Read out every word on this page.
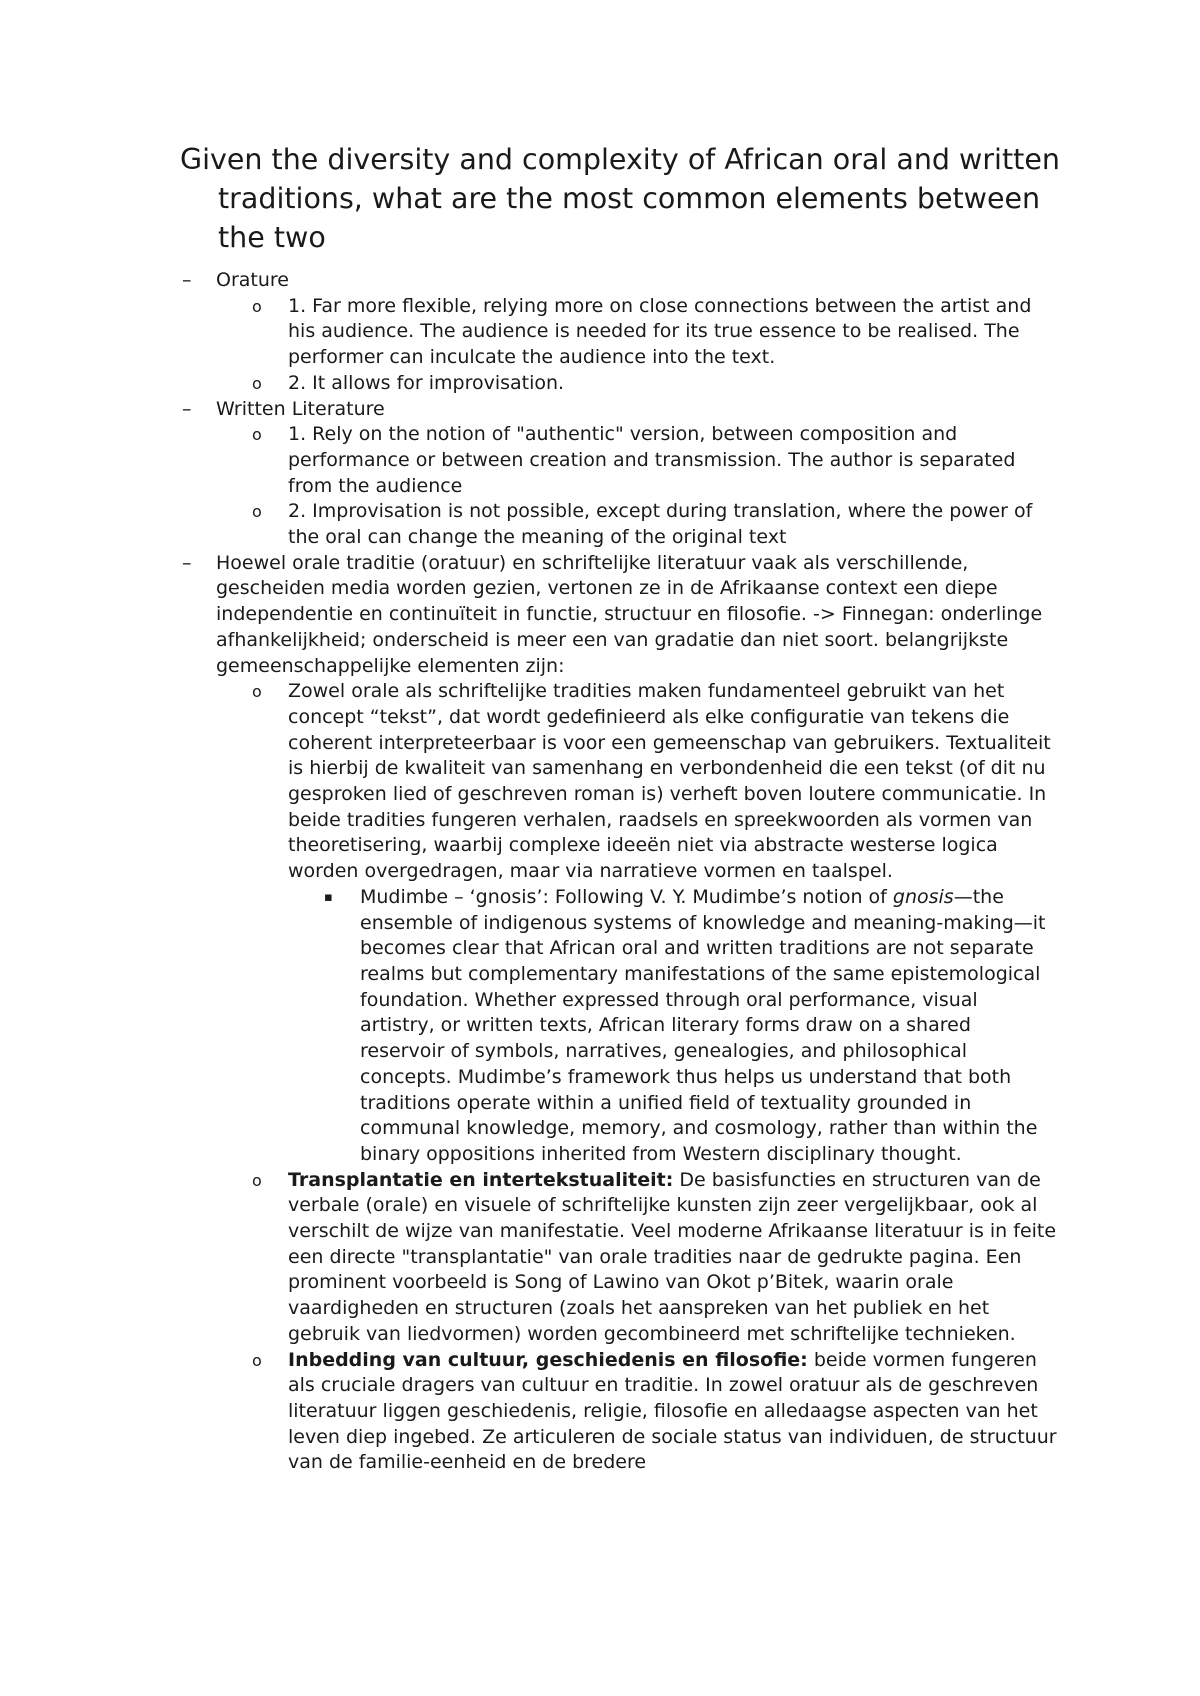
Given the diversity and complexity of African oral and written traditions, what are the most common elements between the two
– Orature
o 1. Far more flexible, relying more on close connections between the artist and his audience. The audience is needed for its true essence to be realised. The performer can inculcate the audience into the text.
o 2. It allows for improvisation.
– Written Literature
o 1. Rely on the notion of "authentic" version, between composition and performance or between creation and transmission. The author is separated from the audience
o 2. Improvisation is not possible, except during translation, where the power of the oral can change the meaning of the original text
– Hoewel orale traditie (oratuur) en schriftelijke literatuur vaak als verschillende, gescheiden media worden gezien, vertonen ze in de Afrikaanse context een diepe independentie en continuïteit in functie, structuur en filosofie. -> Finnegan: onderlinge afhankelijkheid; onderscheid is meer een van gradatie dan niet soort. belangrijkste gemeenschappelijke elementen zijn:
o Zowel orale als schriftelijke tradities maken fundamenteel gebruikt van het concept “tekst”, dat wordt gedefinieerd als elke configuratie van tekens die coherent interpreteerbaar is voor een gemeenschap van gebruikers. Textualiteit is hierbij de kwaliteit van samenhang en verbondenheid die een tekst (of dit nu gesproken lied of geschreven roman is) verheft boven loutere communicatie. In beide tradities fungeren verhalen, raadsels en spreekwoorden als vormen van theoretisering, waarbij complexe ideeën niet via abstracte westerse logica worden overgedragen, maar via narratieve vormen en taalspel.
▪ Mudimbe – ‘gnosis’: Following V. Y. Mudimbe’s notion of gnosis—the ensemble of indigenous systems of knowledge and meaning-making—it becomes clear that African oral and written traditions are not separate realms but complementary manifestations of the same epistemological foundation. Whether expressed through oral performance, visual artistry, or written texts, African literary forms draw on a shared reservoir of symbols, narratives, genealogies, and philosophical concepts. Mudimbe’s framework thus helps us understand that both traditions operate within a unified field of textuality grounded in communal knowledge, memory, and cosmology, rather than within the binary oppositions inherited from Western disciplinary thought.
o Transplantatie en intertekstualiteit: De basisfuncties en structuren van de verbale (orale) en visuele of schriftelijke kunsten zijn zeer vergelijkbaar, ook al verschilt de wijze van manifestatie. Veel moderne Afrikaanse literatuur is in feite een directe "transplantatie" van orale tradities naar de gedrukte pagina. Een prominent voorbeeld is Song of Lawino van Okot p’Bitek, waarin orale vaardigheden en structuren (zoals het aanspreken van het publiek en het gebruik van liedvormen) worden gecombineerd met schriftelijke technieken.
o Inbedding van cultuur, geschiedenis en filosofie: beide vormen fungeren als cruciale dragers van cultuur en traditie. In zowel oratuur als de geschreven literatuur liggen geschiedenis, religie, filosofie en alledaagse aspecten van het leven diep ingebed. Ze articuleren de sociale status van individuen, de structuur van de familie-eenheid en de bredere
